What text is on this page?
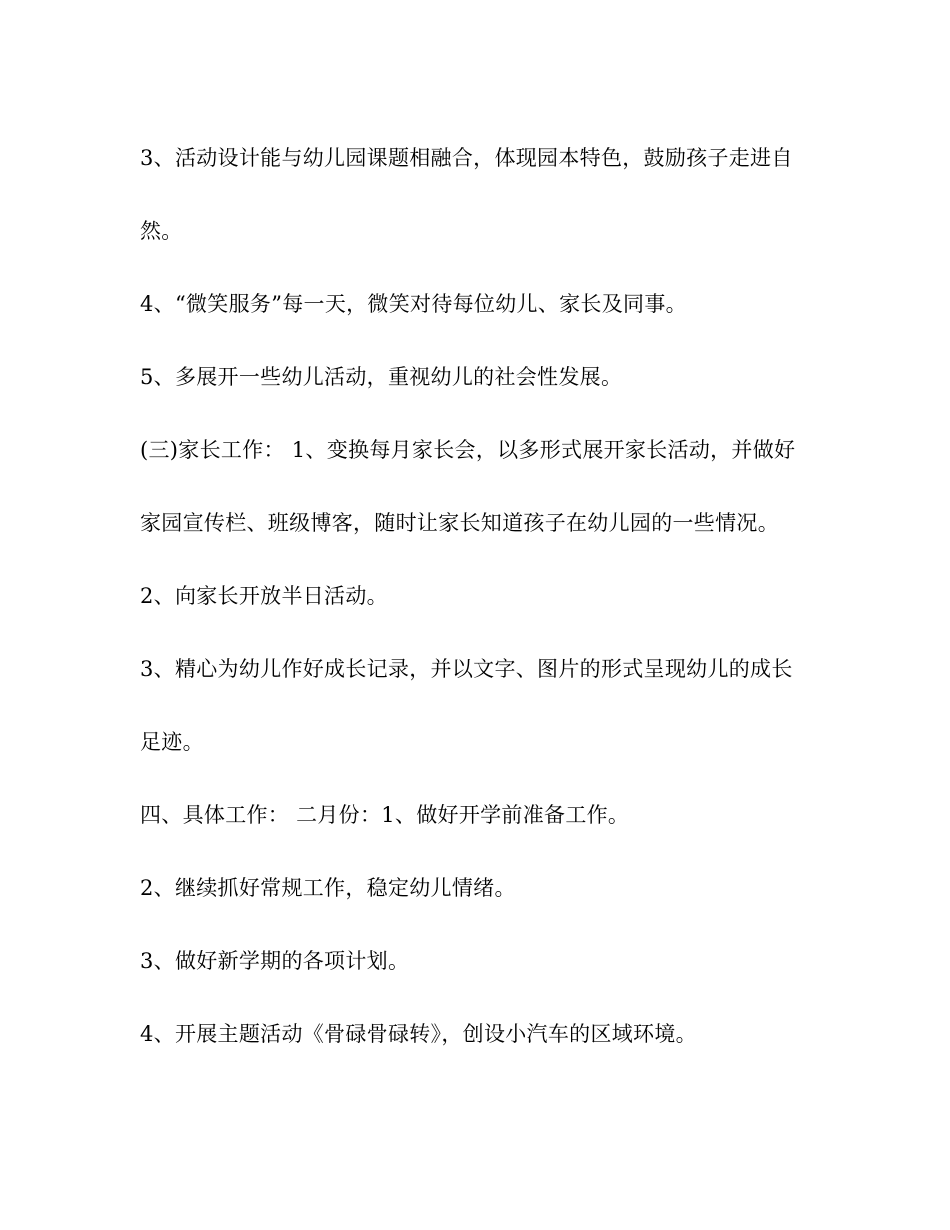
3、活动设计能与幼儿园课题相融合，体现园本特色，鼓励孩子走进自

然。

4、“微笑服务”每一天，微笑对待每位幼儿、家长及同事。

5、多展开一些幼儿活动，重视幼儿的社会性发展。

(三)家长工作： 1、变换每月家长会，以多形式展开家长活动，并做好

家园宣传栏、班级博客，随时让家长知道孩子在幼儿园的一些情况。

2、向家长开放半日活动。

3、精心为幼儿作好成长记录，并以文字、图片的形式呈现幼儿的成长

足迹。

四、具体工作： 二月份：1、做好开学前准备工作。

2、继续抓好常规工作，稳定幼儿情绪。

3、做好新学期的各项计划。

4、开展主题活动《骨碌骨碌转》，创设小汽车的区域环境。
